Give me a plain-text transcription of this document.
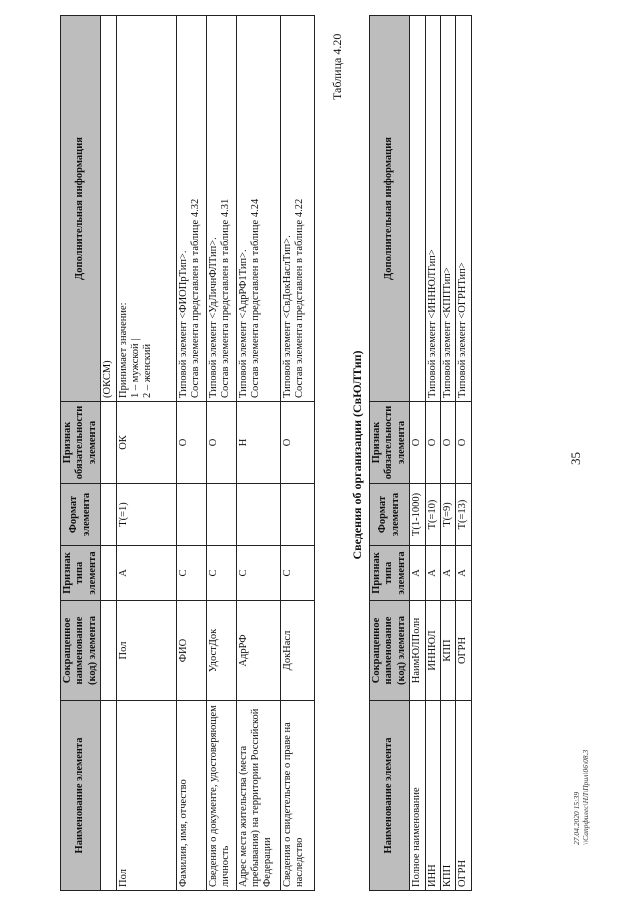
35
Наименование элемента	Сокращенное наименование (код) элемента	Признак типа элемента	Формат элемента	Признак обязательности элемента	Дополнительная информация

					(ОКСМ)

Пол	Пол	А	Т(=1)	ОК	Принимает значение: 1 – мужской | 2 – женский

Фамилия, имя, отчество	ФИО	С		О	Типовой элемент <ФИОПрТип>. Состав элемента представлен в таблице 4.32

Сведения о документе, удостоверяющем личность	УдостДок	С		О	Типовой элемент <УдЛичнФЛТип>. Состав элемента представлен в таблице 4.31

Адрес места жительства (места пребывания) на территории Российской Федерации	АдрРФ	С		Н	Типовой элемент <АдрРФ1Тип>. Состав элемента представлен в таблице 4.24

Сведения о свидетельстве о праве на наследство	ДокНасл	С		О	Типовой элемент <СвДокНаслТип>. Состав элемента представлен в таблице 4.22
Таблица 4.20
Сведения об организации (СвЮЛТип)
Наименование элемента	Сокращенное наименование (код) элемента	Признак типа элемента	Формат элемента	Признак обязательности элемента	Дополнительная информация
Полное наименование	НаимЮЛПолн	А	Т(1-1000)	О	
ИНН	ИННЮЛ	А	Т(=10)	О	Типовой элемент <ИННЮЛТип>
КПП	КПП	А	Т(=9)	О	Типовой элемент <КППТип>
ОГРН	ОГРН	А	Т(=13)	О	Типовой элемент <ОГРНТип>
27.04.2020 15:39 \\Сапрфилес\НЛ\Прил\06\08.3
